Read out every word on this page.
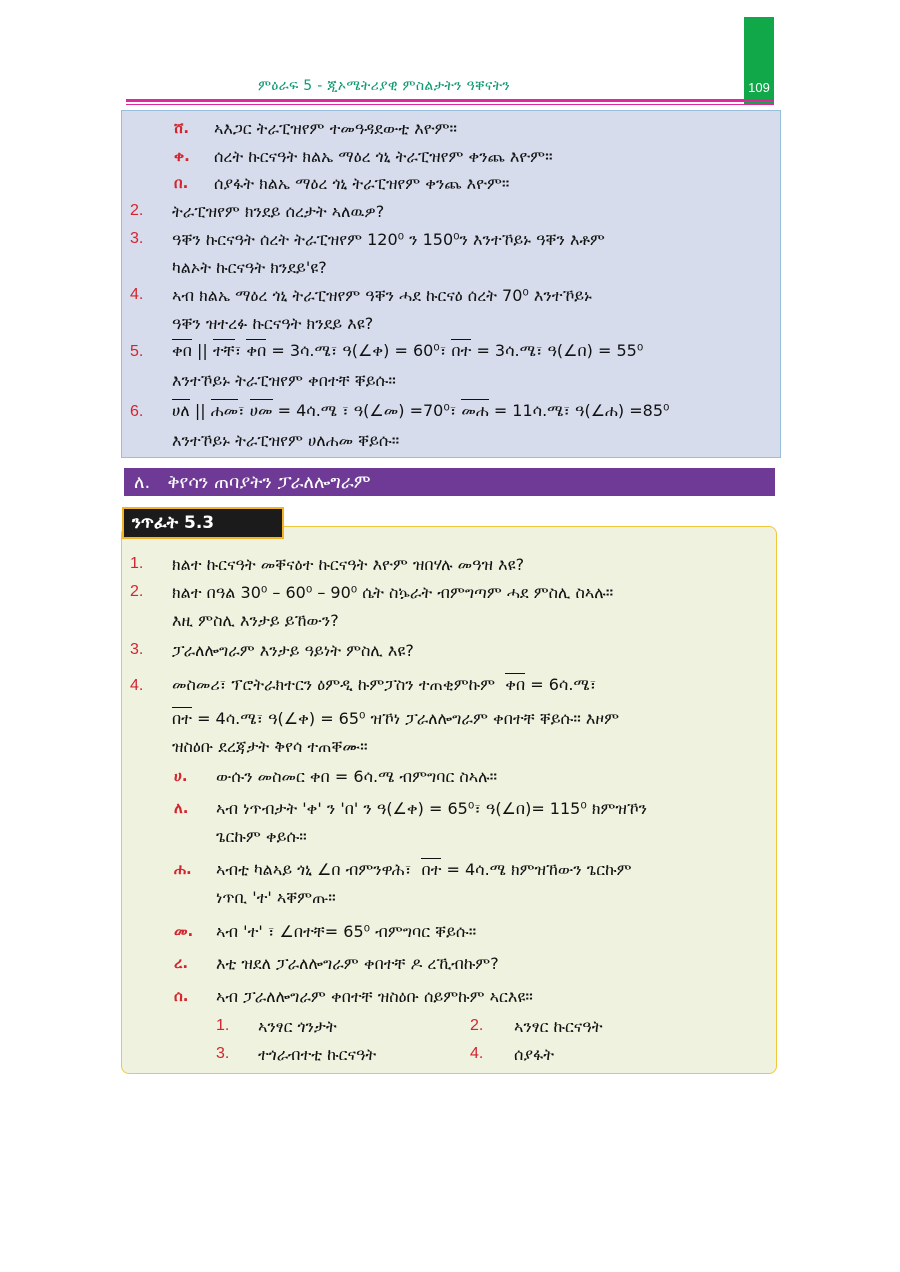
109
ምዕራፍ 5 - ጂኦሜትሪያዊ ምስልታትን ዓቐናትን
ሸ. ኣእጋር ትራፒዝየም ተመዓዳደውቲ እዮም።
ቀ. ሰረት ኩርናዓት ክልኤ ማዕረ ጎኒ ትራፒዝየም ቀንጨ እዮም።
በ. ሰያፋት ክልኤ ማዕረ ጎኒ ትራፒዝየም ቀንጨ እዮም።
2. ትራፒዝየም ክንደይ ሰረታት ኣለዉዎ?
3. ዓቐን ኩርናዓት ሰረት ትራፒዝየም 120⁰ ን 150⁰ን እንተኾይኑ ዓቐን እቶም
ካልኦት ኩርናዓት ክንደይ'ዩ?
4. ኣብ ክልኤ ማዕረ ጎኒ ትራፒዝየም ዓቐን ሓደ ኩርናዕ ሰረት 70⁰ እንተኾይኑ
ዓቐን ዝተረፉ ኩርናዓት ክንደይ እዩ?
5. ቀበ || ተቸ፣ ቀበ = 3ሳ.ሜ፣ ዓ(∠ቀ) = 60⁰፣ በተ = 3ሳ.ሜ፣ ዓ(∠በ) = 55⁰
እንተኾይኑ ትራፒዝየም ቀበተቸ ቐይሱ።
6. ሀለ || ሐመ፣ ሀመ = 4ሳ.ሜ ፣ ዓ(∠መ) =70⁰፣ መሐ = 11ሳ.ሜ፣ ዓ(∠ሐ) =85⁰
እንተኾይኑ ትራፒዝየም ሀለሐመ ቐይሱ።
ለ. ቅየሳን ጠባያትን ፓራለሎግራም
1. ክልተ ኩርናዓት መቐናዕተ ኩርናዓት እዮም ዝበሃሉ መዓዝ እዩ?
2. ክልተ በዓል 30⁰ – 60⁰ – 90⁰ ሴት ስኴራት ብምግጣም ሓደ ምስሊ ስኣሉ።
እዚ ምስሊ እንታይ ይኸውን?
3. ፓራለሎግራም እንታይ ዓይነት ምስሊ እዩ?
4. መስመሪ፣ ፕሮትራክተርን ዕምዲ ኩምፓስን ተጠቂምኩም ቀበ = 6ሳ.ሜ፣
በተ = 4ሳ.ሜ፣ ዓ(∠ቀ) = 65⁰ ዝኾነ ፓራለሎግራም ቀበተቸ ቐይሱ። እዞም
ዝስዕቡ ደረጃታት ቅየሳ ተጠቐሙ።
ሀ. ውሱን መስመር ቀበ = 6ሳ.ሜ ብምግባር ስኣሉ።
ለ. ኣብ ነጥብታት 'ቀ' ን 'በ' ን ዓ(∠ቀ) = 65⁰፣ ዓ(∠በ)= 115⁰ ክምዝኾን
ጌርኩም ቀይሱ።
ሐ. ኣብቲ ካልኣይ ጎኒ ∠በ ብምንዋሕ፣ በተ = 4ሳ.ሜ ክምዝኸውን ጌርኩም
ነጥቢ 'ተ' ኣቐምጡ።
መ. ኣብ 'ተ' ፣ ∠በተቸ= 65⁰ ብምግባር ቐይሱ።
ረ. እቲ ዝደለ ፓራለሎግራም ቀበተቸ ዶ ረኺብኩም?
ሰ. ኣብ ፓራለሎግራም ቀበተቸ ዝስዕቡ ሰይምኩም ኣርእዩ።
1. ኣንፃር ጎንታት	2. ኣንፃር ኩርናዓት
3. ተጎራብተቲ ኩርናዓት	4. ሰያፋት
ንጥፈት 5.3
